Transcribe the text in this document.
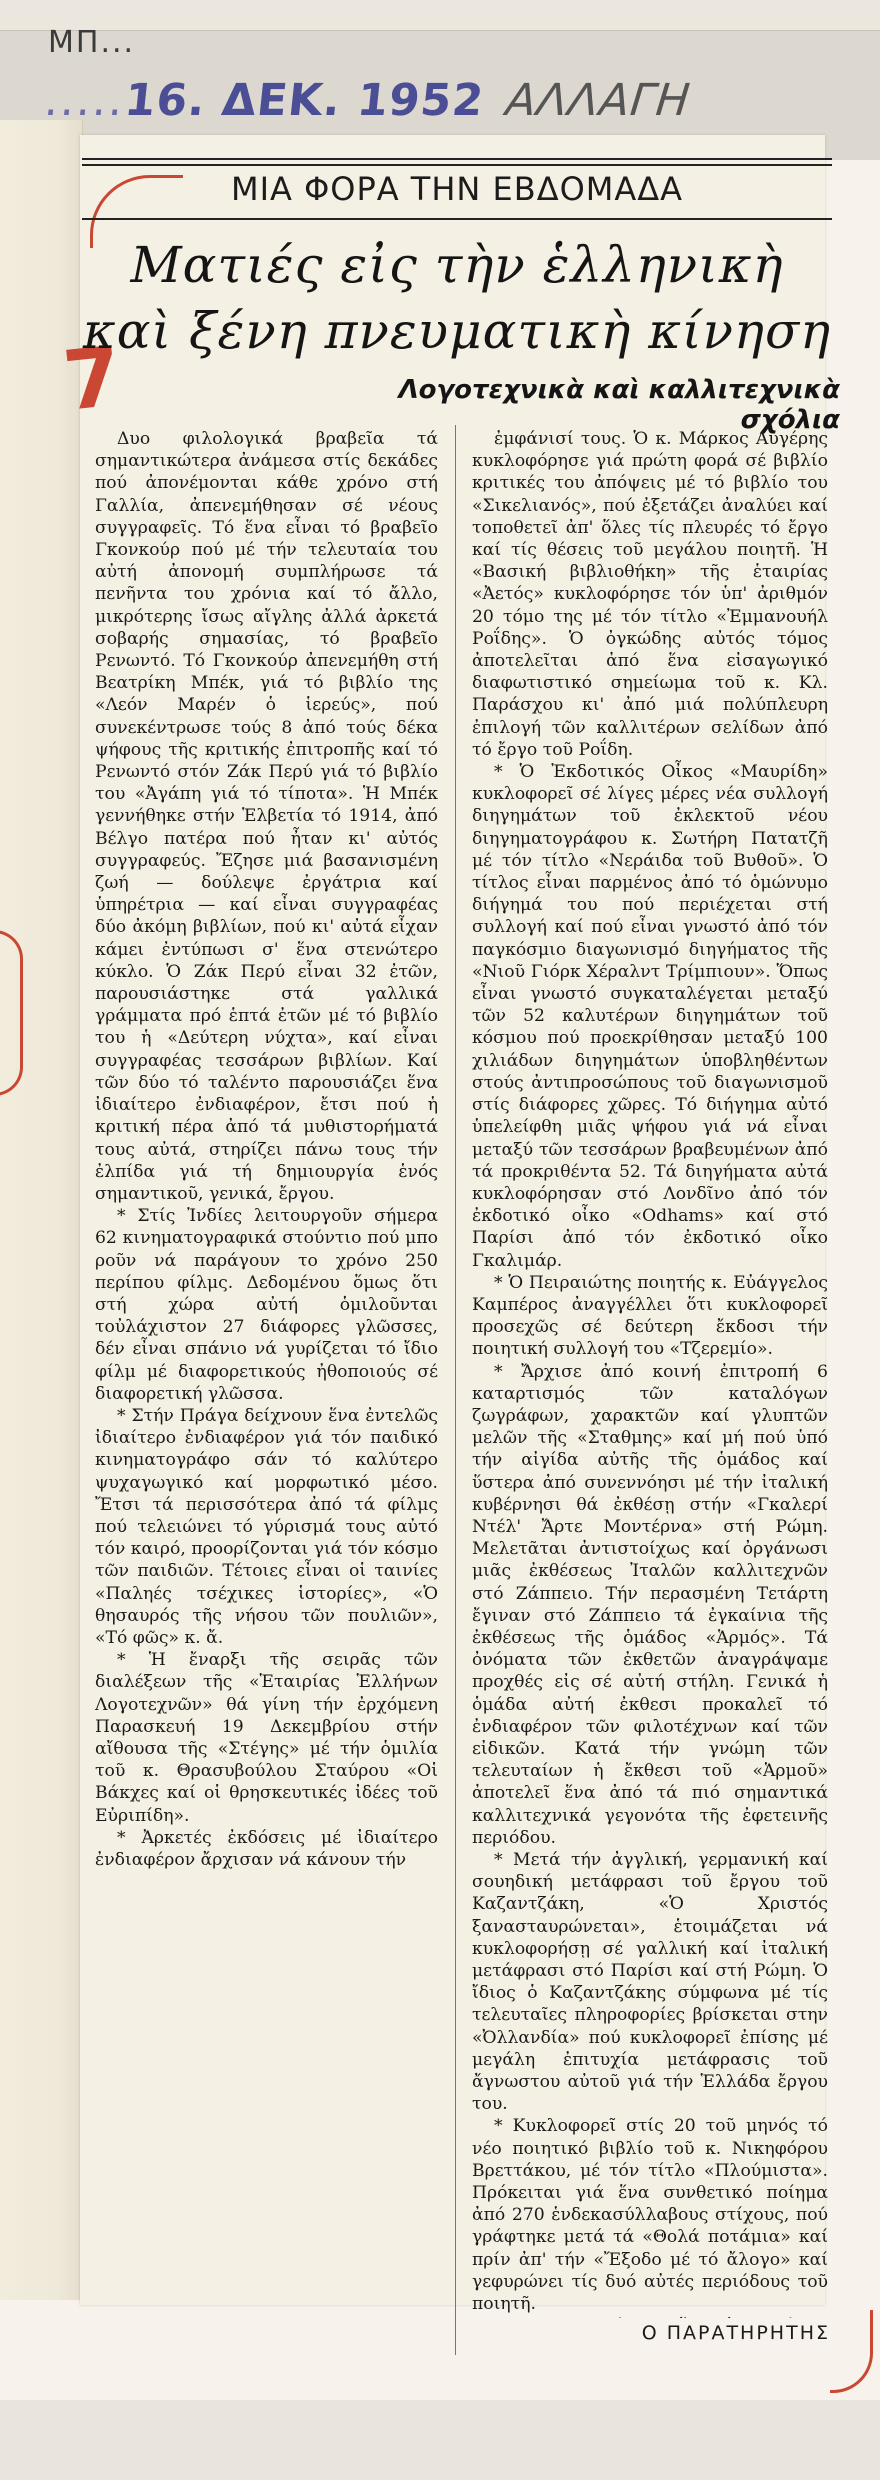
ΜΠ...
.....16. ΔΕΚ. 1952 ΑΛΛΑΓΗ
7
ΜΙΑ ΦΟΡΑ ΤΗΝ ΕΒΔΟΜΑΔΑ
Ματιές εἰς τὴν ἑλληνικὴ
καὶ ξένη πνευματικὴ κίνηση
Λογοτεχνικὰ καὶ καλλιτεχνικὰ σχόλια

Δυο φιλολογικά βραβεῖα τά σημαντικώτερα ἀνάμεσα στίς δεκάδες πού ἀπονέμονται κάθε χρόνο στή Γαλλία, ἀπενεμήθησαν σέ νέους συγγραφεῖς. Τό ἕνα εἶναι τό βραβεῖο Γκονκούρ πού μέ τήν τελευταία του αὐτή ἀπονομή συμπλήρωσε τά πενῆντα του χρόνια καί τό ἄλλο, μικρότερης ἴσως αἴγλης ἀλλά ἀρκετά σοβαρής σημασίας, τό βραβεῖο Ρενωντό. Τό Γκονκούρ ἀπενεμήθη στή Βεατρίκη Μπέκ, γιά τό βιβλίο της «Λεόν Μαρέν ὁ ἱερεύς», πού συνεκέντρωσε τούς 8 ἀπό τούς δέκα ψήφους τῆς κριτικής ἐπιτροπῆς καί τό Ρενωντό στόν Ζάκ Περύ γιά τό βιβλίο του «Ἀγάπη γιά τό τίποτα». Ἡ Μπέκ γεννήθηκε στήν Ἑλβετία τό 1914, ἀπό Βέλγο πατέρα πού ἦταν κι' αὐτός συγγραφεύς. Ἔζησε μιά βασανισμένη ζωή — δούλεψε ἐργάτρια καί ὑπηρέτρια — καί εἶναι συγγραφέας δύο ἀκόμη βιβλίων, πού κι' αὐτά εἶχαν κάμει ἐντύπωσι σ' ἕνα στενώτερο κύκλο. Ὁ Ζάκ Περύ εἶναι 32 ἐτῶν, παρουσιάστηκε στά γαλλικά γράμματα πρό ἑπτά ἐτῶν μέ τό βιβλίο του ἡ «Δεύτερη νύχτα», καί εἶναι συγγραφέας τεσσάρων βιβλίων. Καί τῶν δύο τό ταλέντο παρουσιάζει ἕνα ἰδιαίτερο ἐνδιαφέρον, ἔτσι πού ἡ κριτική πέρα ἀπό τά μυθιστορήματά τους αὐτά, στηρίζει πάνω τους τήν ἐλπίδα γιά τή δημιουργία ἑνός σημαντικοῦ, γενικά, ἔργου.

* Στίς Ἰνδίες λειτουργοῦν σήμερα 62 κινηματογραφικά στούντιο πού μπο ροῦν νά παράγουν το χρόνο 250 περίπου φίλμς. Δεδομένου ὅμως ὅτι στή χώρα αὐτή ὁμιλοῦνται τοὐλάχιστον 27 διάφορες γλῶσσες, δέν εἶναι σπάνιο νά γυρίζεται τό ἴδιο φίλμ μέ διαφορετικούς ἠθοποιούς σέ διαφορετική γλῶσσα.

* Στήν Πράγα δείχνουν ἕνα ἐντελῶς ἰδιαίτερο ἐνδιαφέρον γιά τόν παιδικό κινηματογράφο σάν τό καλύτερο ψυχαγωγικό καί μορφωτικό μέσο. Ἔτσι τά περισσότερα ἀπό τά φίλμς πού τελειώνει τό γύρισμά τους αὐτό τόν καιρό, προορίζονται γιά τόν κόσμο τῶν παιδιῶν. Τέτοιες εἶναι οἱ ταινίες «Παληές τσέχικες ἱστορίες», «Ὁ θησαυρός τῆς νήσου τῶν πουλιῶν», «Τό φῶς» κ. ἄ.

* Ἡ ἔναρξι τῆς σειρᾶς τῶν διαλέξεων τῆς «Ἑταιρίας Ἑλλήνων Λογοτεχνῶν» θά γίνη τήν ἐρχόμενη Παρασκευή 19 Δεκεμβρίου στήν αἴθουσα τῆς «Στέγης» μέ τήν ὁμιλία τοῦ κ. Θρασυβούλου Σταύρου «Οἱ Βάκχες καί οἱ θρησκευτικές ἰδέες τοῦ Εὐριπίδη».

* Ἀρκετές ἐκδόσεις μέ ἰδιαίτερο ἐνδιαφέρον ἄρχισαν νά κάνουν τήν

ἐμφάνισί τους. Ὁ κ. Μάρκος Αὐγέρης κυκλοφόρησε γιά πρώτη φορά σέ βιβλίο κριτικές του ἀπόψεις μέ τό βιβλίο του «Σικελιανός», πού ἐξετάζει ἀναλύει καί τοποθετεῖ ἀπ' ὅλες τίς πλευρές τό ἔργο καί τίς θέσεις τοῦ μεγάλου ποιητῆ. Ἡ «Βασική βιβλιοθήκη» τῆς ἑταιρίας «Ἀετός» κυκλοφόρησε τόν ὑπ' ἀριθμόν 20 τόμο της μέ τόν τίτλο «Ἐμμανουήλ Ροΐδης». Ὁ ὀγκώδης αὐτός τόμος ἀποτελεῖται ἀπό ἕνα εἰσαγωγικό διαφωτιστικό σημείωμα τοῦ κ. Κλ. Παράσχου κι' ἀπό μιά πολύπλευρη ἐπιλογή τῶν καλλιτέρων σελίδων ἀπό τό ἔργο τοῦ Ροΐδη.

* Ὁ Ἐκδοτικός Οἶκος «Μαυρίδη» κυκλοφορεῖ σέ λίγες μέρες νέα συλλογή διηγημάτων τοῦ ἐκλεκτοῦ νέου διηγηματογράφου κ. Σωτήρη Πατατζῆ μέ τόν τίτλο «Νεράιδα τοῦ Βυθοῦ». Ὁ τίτλος εἶναι παρμένος ἀπό τό ὁμώνυμο διήγημά του πού περιέχεται στή συλλογή καί πού εἶναι γνωστό ἀπό τόν παγκόσμιο διαγωνισμό διηγήματος τῆς «Νιοῦ Γιόρκ Χέραλντ Τρίμπιουν». Ὅπως εἶναι γνωστό συγκαταλέγεται μεταξύ τῶν 52 καλυτέρων διηγημάτων τοῦ κόσμου πού προεκρίθησαν μεταξύ 100 χιλιάδων διηγημάτων ὑποβληθέντων στούς ἀντιπροσώπους τοῦ διαγωνισμοῦ στίς διάφορες χῶρες. Τό διήγημα αὐτό ὑπελείφθη μιᾶς ψήφου γιά νά εἶναι μεταξύ τῶν τεσσάρων βραβευμένων ἀπό τά προκριθέντα 52. Τά διηγήματα αὐτά κυκλοφόρησαν στό Λονδῖνο ἀπό τόν ἐκδοτικό οἶκο «Odhams» καί στό Παρίσι ἀπό τόν ἐκδοτικό οἶκο Γκαλιμάρ.

* Ὁ Πειραιώτης ποιητής κ. Εὐάγγελος Καμπέρος ἀναγγέλλει ὅτι κυκλοφορεῖ προσεχῶς σέ δεύτερη ἔκδοσι τήν ποιητική συλλογή του «Τζερεμίο».

* Ἄρχισε ἀπό κοινή ἐπιτροπή 6 καταρτισμός τῶν καταλόγων ζωγράφων, χαρακτῶν καί γλυπτῶν μελῶν τῆς «Σταθμης» καί μή πού ὑπό τήν αἰγίδα αὐτῆς τῆς ὁμάδος καί ὕστερα ἀπό συνεννόησι μέ τήν ἰταλική κυβέρνησι θά ἐκθέσῃ στήν «Γκαλερί Ντέλ' Ἄρτε Μοντέρνα» στή Ρώμη. Μελετᾶται ἀντιστοίχως καί ὀργάνωσι μιᾶς ἐκθέσεως Ἰταλῶν καλλιτεχνῶν στό Ζάππειο. Τήν περασμένη Τετάρτη ἔγιναν στό Ζάππειο τά ἐγκαίνια τῆς ἐκθέσεως τῆς ὁμάδος «Ἁρμός». Τά ὀνόματα τῶν ἐκθετῶν ἀναγράψαμε προχθές εἰς σέ αὐτή στήλη. Γενικά ἡ ὁμάδα αὐτή ἐκθεσι προκαλεῖ τό ἐνδιαφέρον τῶν φιλοτέχνων καί τῶν εἰδικῶν. Κατά τήν γνώμη τῶν τελευταίων ἡ ἔκθεσι τοῦ «Ἁρμοῦ» ἀποτελεῖ ἕνα ἀπό τά πιό σημαντικά καλλιτεχνικά γεγονότα τῆς ἐφετεινῆς περιόδου.

* Μετά τήν ἀγγλική, γερμανική καί σουηδική μετάφρασι τοῦ ἔργου τοῦ Καζαντζάκη, «Ὁ Χριστός ξανασταυρώνεται», ἑτοιμάζεται νά κυκλοφορήσῃ σέ γαλλική καί ἰταλική μετάφρασι στό Παρίσι καί στή Ρώμη. Ὁ ἴδιος ὁ Καζαντζάκης σύμφωνα μέ τίς τελευταῖες πληροφορίες βρίσκεται στην «Ὀλλανδία» πού κυκλοφορεῖ ἐπίσης μέ μεγάλη ἐπιτυχία μετάφρασις τοῦ ἄγνωστου αὐτοῦ γιά τήν Ἑλλάδα ἔργου του.

* Κυκλοφορεῖ στίς 20 τοῦ μηνός τό νέο ποιητικό βιβλίο τοῦ κ. Νικηφόρου Βρεττάκου, μέ τόν τίτλο «Πλούμιστα». Πρόκειται γιά ἕνα συνθετικό ποίημα ἀπό 270 ἑνδεκασύλλαβους στίχους, πού γράφτηκε μετά τά «Θολά ποτάμια» καί πρίν ἀπ' τήν «Ἔξοδο μέ τό ἄλογο» καί γεφυρώνει τίς δυό αὐτές περιόδους τοῦ ποιητῆ.

Ο ΠΑΡΑΤΗΡΗΤΗΣ
